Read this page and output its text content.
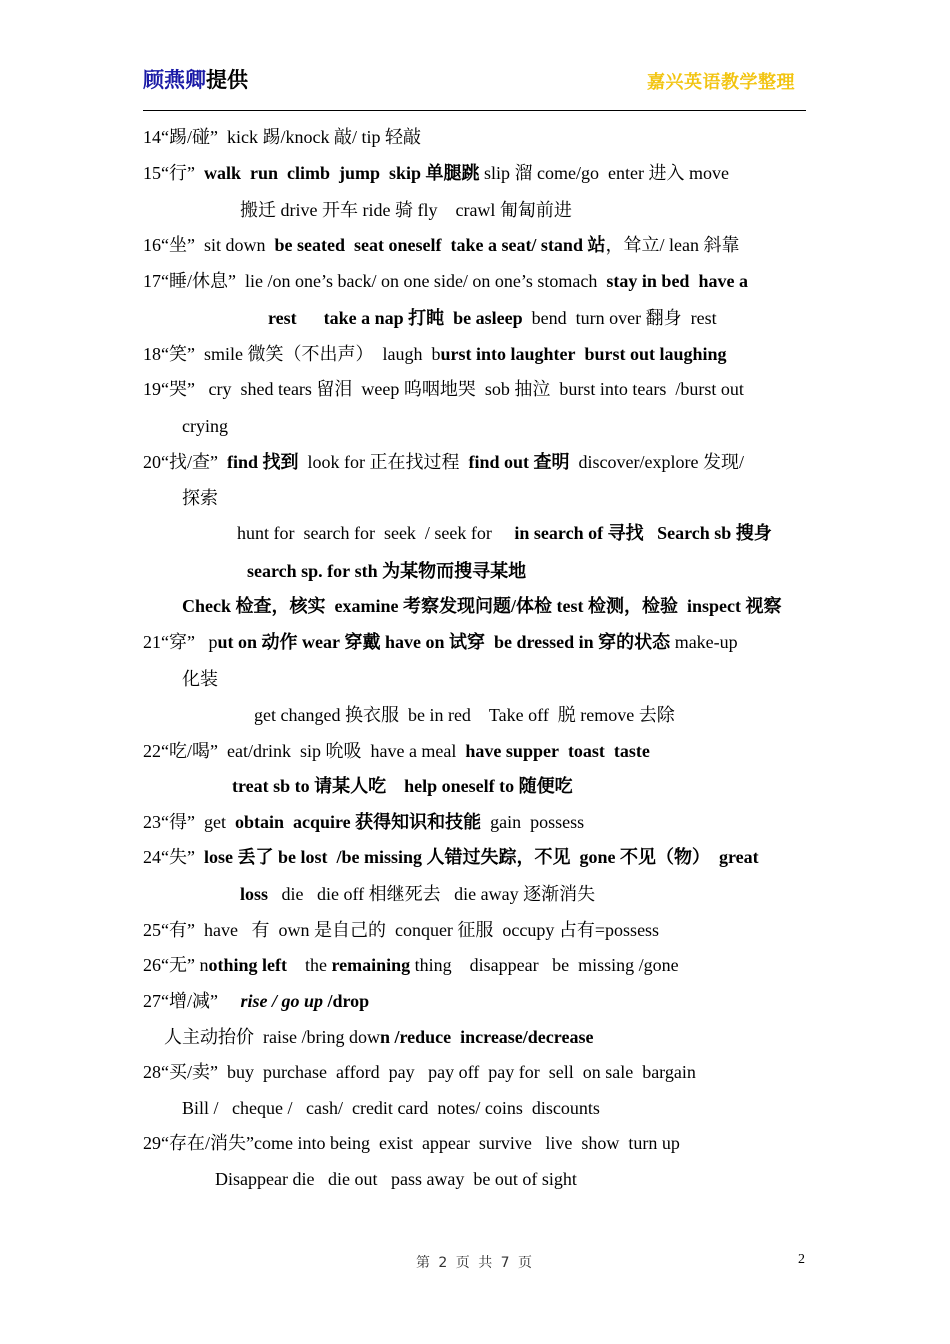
顾燕卿提供	嘉兴英语教学整理
14“踢/碰”  kick 踢/knock 敲/ tip 轻敲
15“行”  walk  run  climb  jump  skip 单腿跳 slip 溜 come/go  enter 进入 move
搬迁 drive 开车 ride 骑 fly    crawl 匍匐前进
16“坐”  sit down  be seated  seat oneself  take a seat/ stand 站，耸立/ lean 斜靠
17“睡/休息”  lie /on one’s back/ on one side/ on one’s stomach  stay in bed  have a
rest      take a nap 打盹  be asleep  bend  turn over 翻身  rest
18“笑”  smile 微笑（不出声）  laugh  burst into laughter  burst out laughing
19“哭”   cry  shed tears 留泪  weep 呜咽地哭  sob 抽泣  burst into tears  /burst out
crying
20“找/查”  find 找到  look for 正在找过程  find out 查明  discover/explore 发现/
探索
hunt for  search for  seek  / seek for     in search of 寻找   Search sb 搜身
search sp. for sth 为某物而搜寻某地
Check 检查，核实  examine 考察发现问题/体检 test 检测，检验  inspect 视察
21“穿”   put on 动作 wear 穿戴 have on 试穿  be dressed in 穿的状态 make-up
化装
get changed 换衣服  be in red    Take off  脱 remove 去除
22“吃/喝”  eat/drink  sip 吮吸  have a meal  have supper  toast  taste
treat sb to 请某人吃    help oneself to 随便吃
23“得”  get  obtain  acquire 获得知识和技能  gain  possess
24“失”  lose 丢了 be lost  /be missing 人错过失踪，不见  gone 不见（物）  great
loss   die   die off 相继死去   die away 逐渐消失
25“有”  have   有  own 是自己的  conquer 征服  occupy 占有=possess
26“无” nothing left    the remaining thing    disappear   be  missing /gone
27“增/减”     rise / go up /drop
人主动抬价  raise /bring down /reduce  increase/decrease
28“买/卖”  buy  purchase  afford  pay   pay off  pay for  sell  on sale  bargain
Bill /   cheque /   cash/  credit card  notes/ coins  discounts
29“存在/消失”come into being  exist  appear  survive   live  show  turn up
Disappear die   die out   pass away  be out of sight
第 2 页 共 7 页	2
